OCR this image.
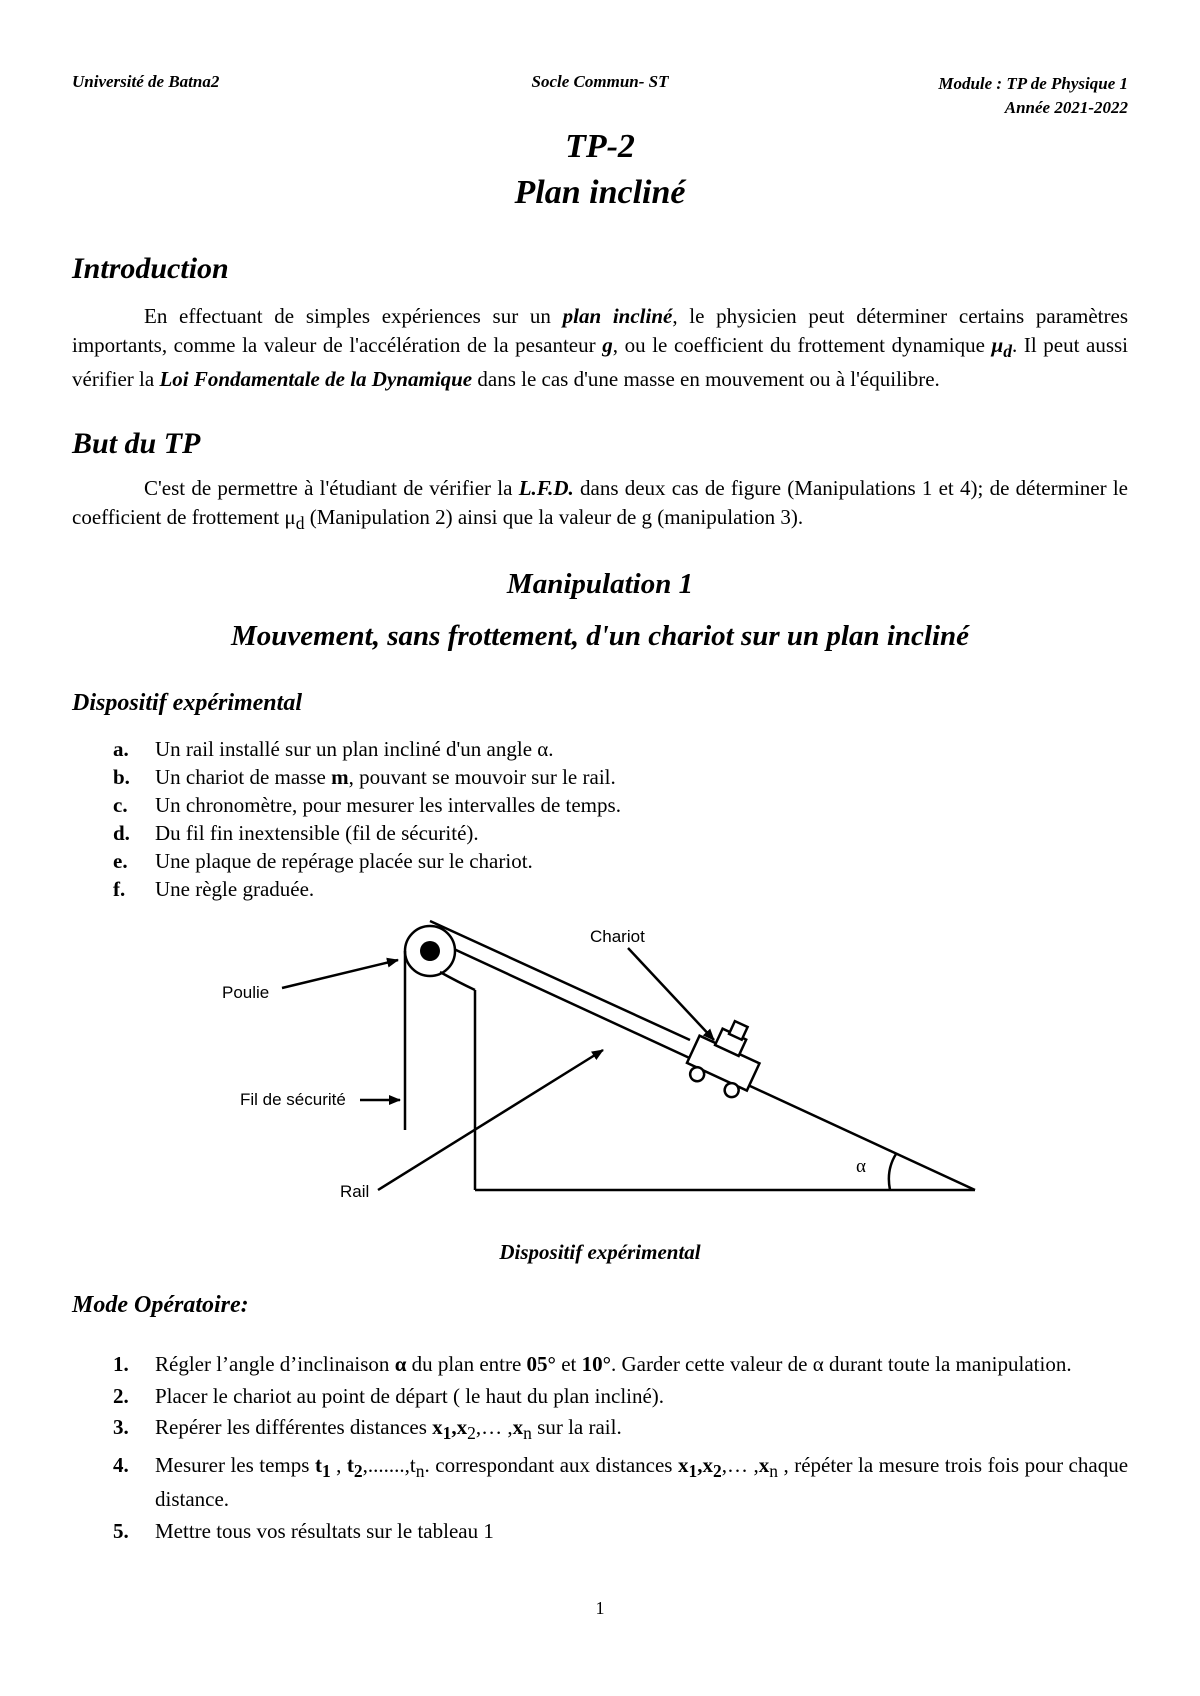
Université de Batna2	Socle Commun- ST	Module : TP de Physique 1
Année 2021-2022
TP-2
Plan incliné
Introduction
En effectuant de simples expériences sur un plan incliné, le physicien peut déterminer certains paramètres importants, comme la valeur de l'accélération de la pesanteur g, ou le coefficient du frottement dynamique $\mu_d$. Il peut aussi vérifier la Loi Fondamentale de la Dynamique dans le cas d'une masse en mouvement ou à l'équilibre.
But du TP
C'est de permettre à l'étudiant de vérifier la L.F.D. dans deux cas de figure (Manipulations 1 et 4); de déterminer le coefficient de frottement $\mu_d$ (Manipulation 2) ainsi que la valeur de g (manipulation 3).
Manipulation 1
Mouvement, sans frottement, d'un chariot sur un plan incliné
Dispositif expérimental
a. Un rail installé sur un plan incliné d'un angle α.
b. Un chariot de masse m, pouvant se mouvoir sur le rail.
c. Un chronomètre, pour mesurer les intervalles de temps.
d. Du fil fin inextensible (fil de sécurité).
e. Une plaque de repérage placée sur le chariot.
f. Une règle graduée.
Chariot
Poulie
Fil de sécurité
Rail
α
Dispositif expérimental
Mode Opératoire:
1. Régler l’angle d’inclinaison α du plan entre 05° et 10°. Garder cette valeur de α durant toute la manipulation.
2. Placer le chariot au point de départ ( le haut du plan incliné).
3. Repérer les différentes distances $x_1,x_2,\dots$ $,x_n$ sur la rail.
4. Mesurer les temps $t_1$ , $t_2,.......,t_n$. correspondant aux distances $x_1,x_2,\dots$ $,x_n$ , répéter la mesure trois fois pour chaque distance.
5. Mettre tous vos résultats sur le tableau 1
1
